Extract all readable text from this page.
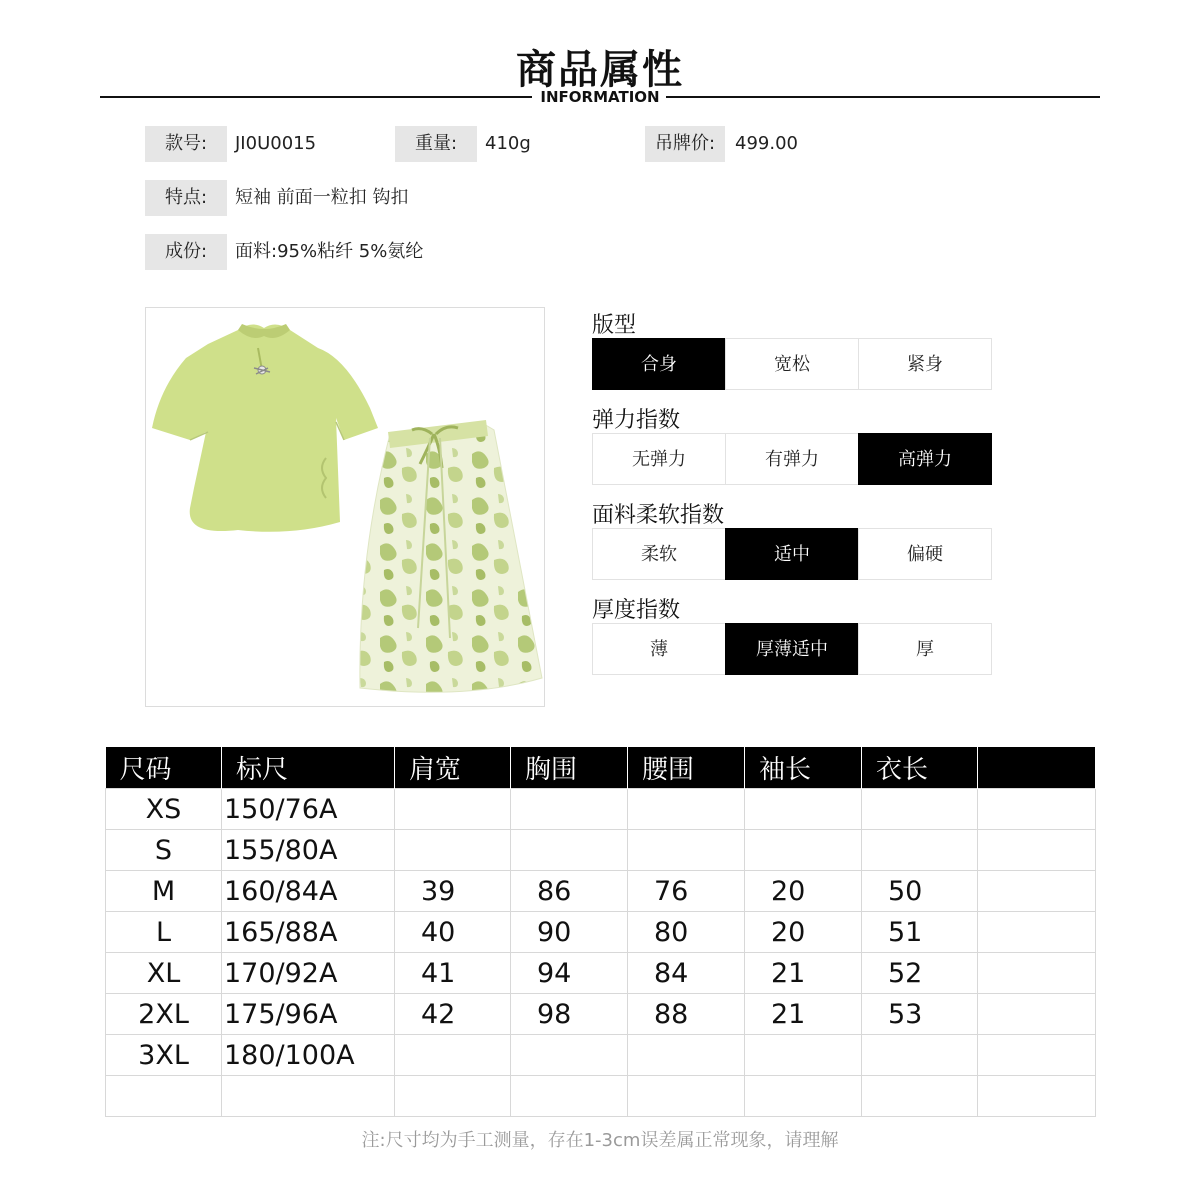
商品属性
INFORMATION
款号:	JI0U0015	重量:	410g	吊牌价:	499.00
特点:	短袖 前面一粒扣 钩扣
成份:	面料:95%粘纤 5%氨纶
版型
合身	宽松	紧身
弹力指数
无弹力	有弹力	高弹力
面料柔软指数
柔软	适中	偏硬
厚度指数
薄	厚薄适中	厚
尺码	标尺	肩宽	胸围	腰围	袖长	衣长	
XS	150/76A						
S	155/80A						
M	160/84A	39	86	76	20	50	
L	165/88A	40	90	80	20	51	
XL	170/92A	41	94	84	21	52	
2XL	175/96A	42	98	88	21	53	
3XL	180/100A						

注:尺寸均为手工测量，存在1-3cm误差属正常现象，请理解
